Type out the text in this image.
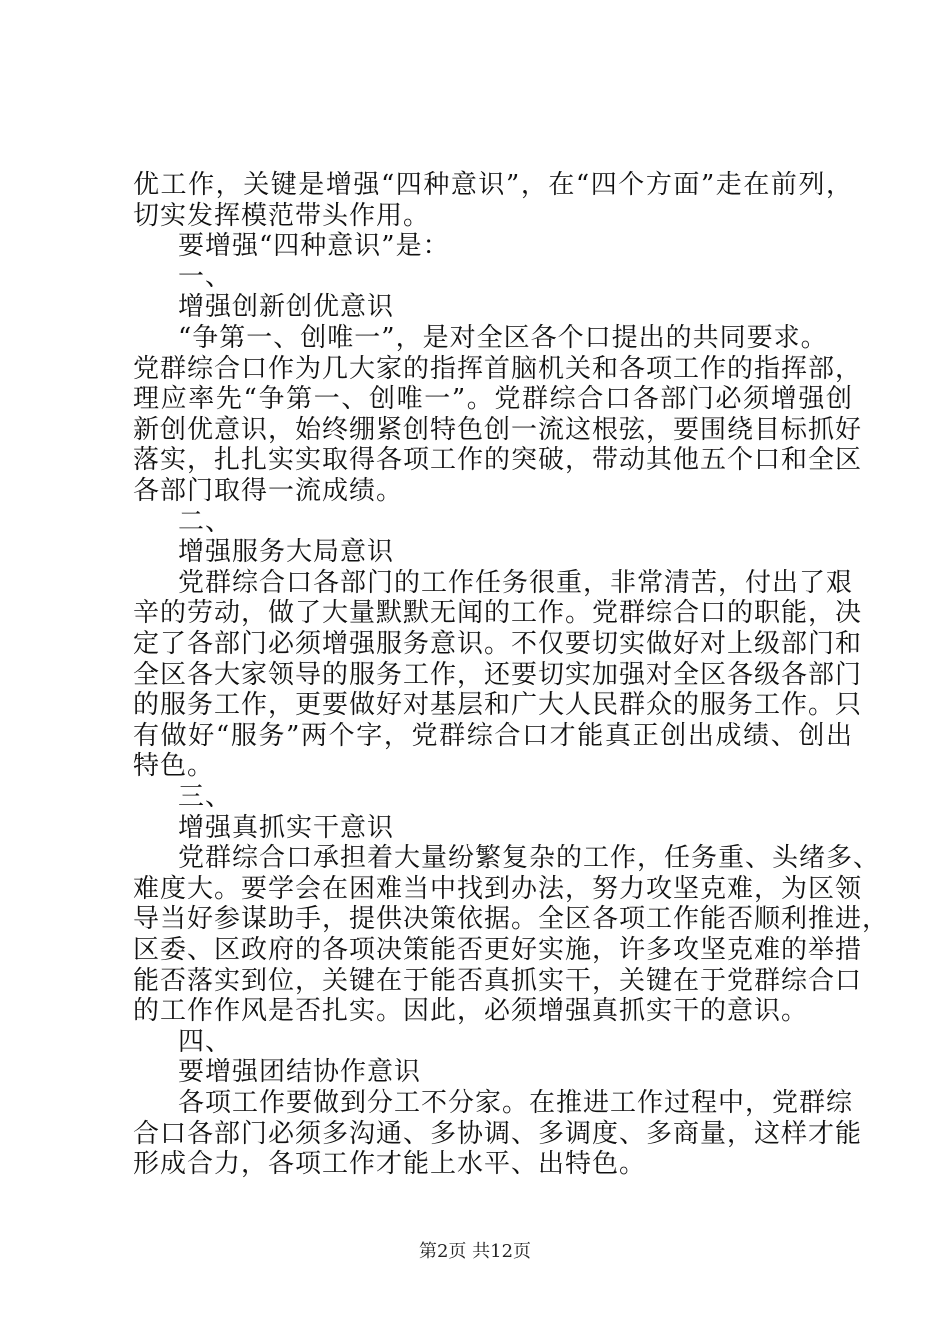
优工作，关键是增强“四种意识”，在“四个方面”走在前列，
切实发挥模范带头作用。
要增强“四种意识”是：
一、
增强创新创优意识
“争第一、创唯一”，是对全区各个口提出的共同要求。
党群综合口作为几大家的指挥首脑机关和各项工作的指挥部，
理应率先“争第一、创唯一”。党群综合口各部门必须增强创
新创优意识，始终绷紧创特色创一流这根弦，要围绕目标抓好
落实，扎扎实实取得各项工作的突破，带动其他五个口和全区
各部门取得一流成绩。
二、
增强服务大局意识
党群综合口各部门的工作任务很重，非常清苦，付出了艰
辛的劳动，做了大量默默无闻的工作。党群综合口的职能，决
定了各部门必须增强服务意识。不仅要切实做好对上级部门和
全区各大家领导的服务工作，还要切实加强对全区各级各部门
的服务工作，更要做好对基层和广大人民群众的服务工作。只
有做好“服务”两个字，党群综合口才能真正创出成绩、创出
特色。
三、
增强真抓实干意识
党群综合口承担着大量纷繁复杂的工作，任务重、头绪多、
难度大。要学会在困难当中找到办法，努力攻坚克难，为区领
导当好参谋助手，提供决策依据。全区各项工作能否顺利推进，
区委、区政府的各项决策能否更好实施，许多攻坚克难的举措
能否落实到位，关键在于能否真抓实干，关键在于党群综合口
的工作作风是否扎实。因此，必须增强真抓实干的意识。
四、
要增强团结协作意识
各项工作要做到分工不分家。在推进工作过程中，党群综
合口各部门必须多沟通、多协调、多调度、多商量，这样才能
形成合力，各项工作才能上水平、出特色。
第2页 共12页
